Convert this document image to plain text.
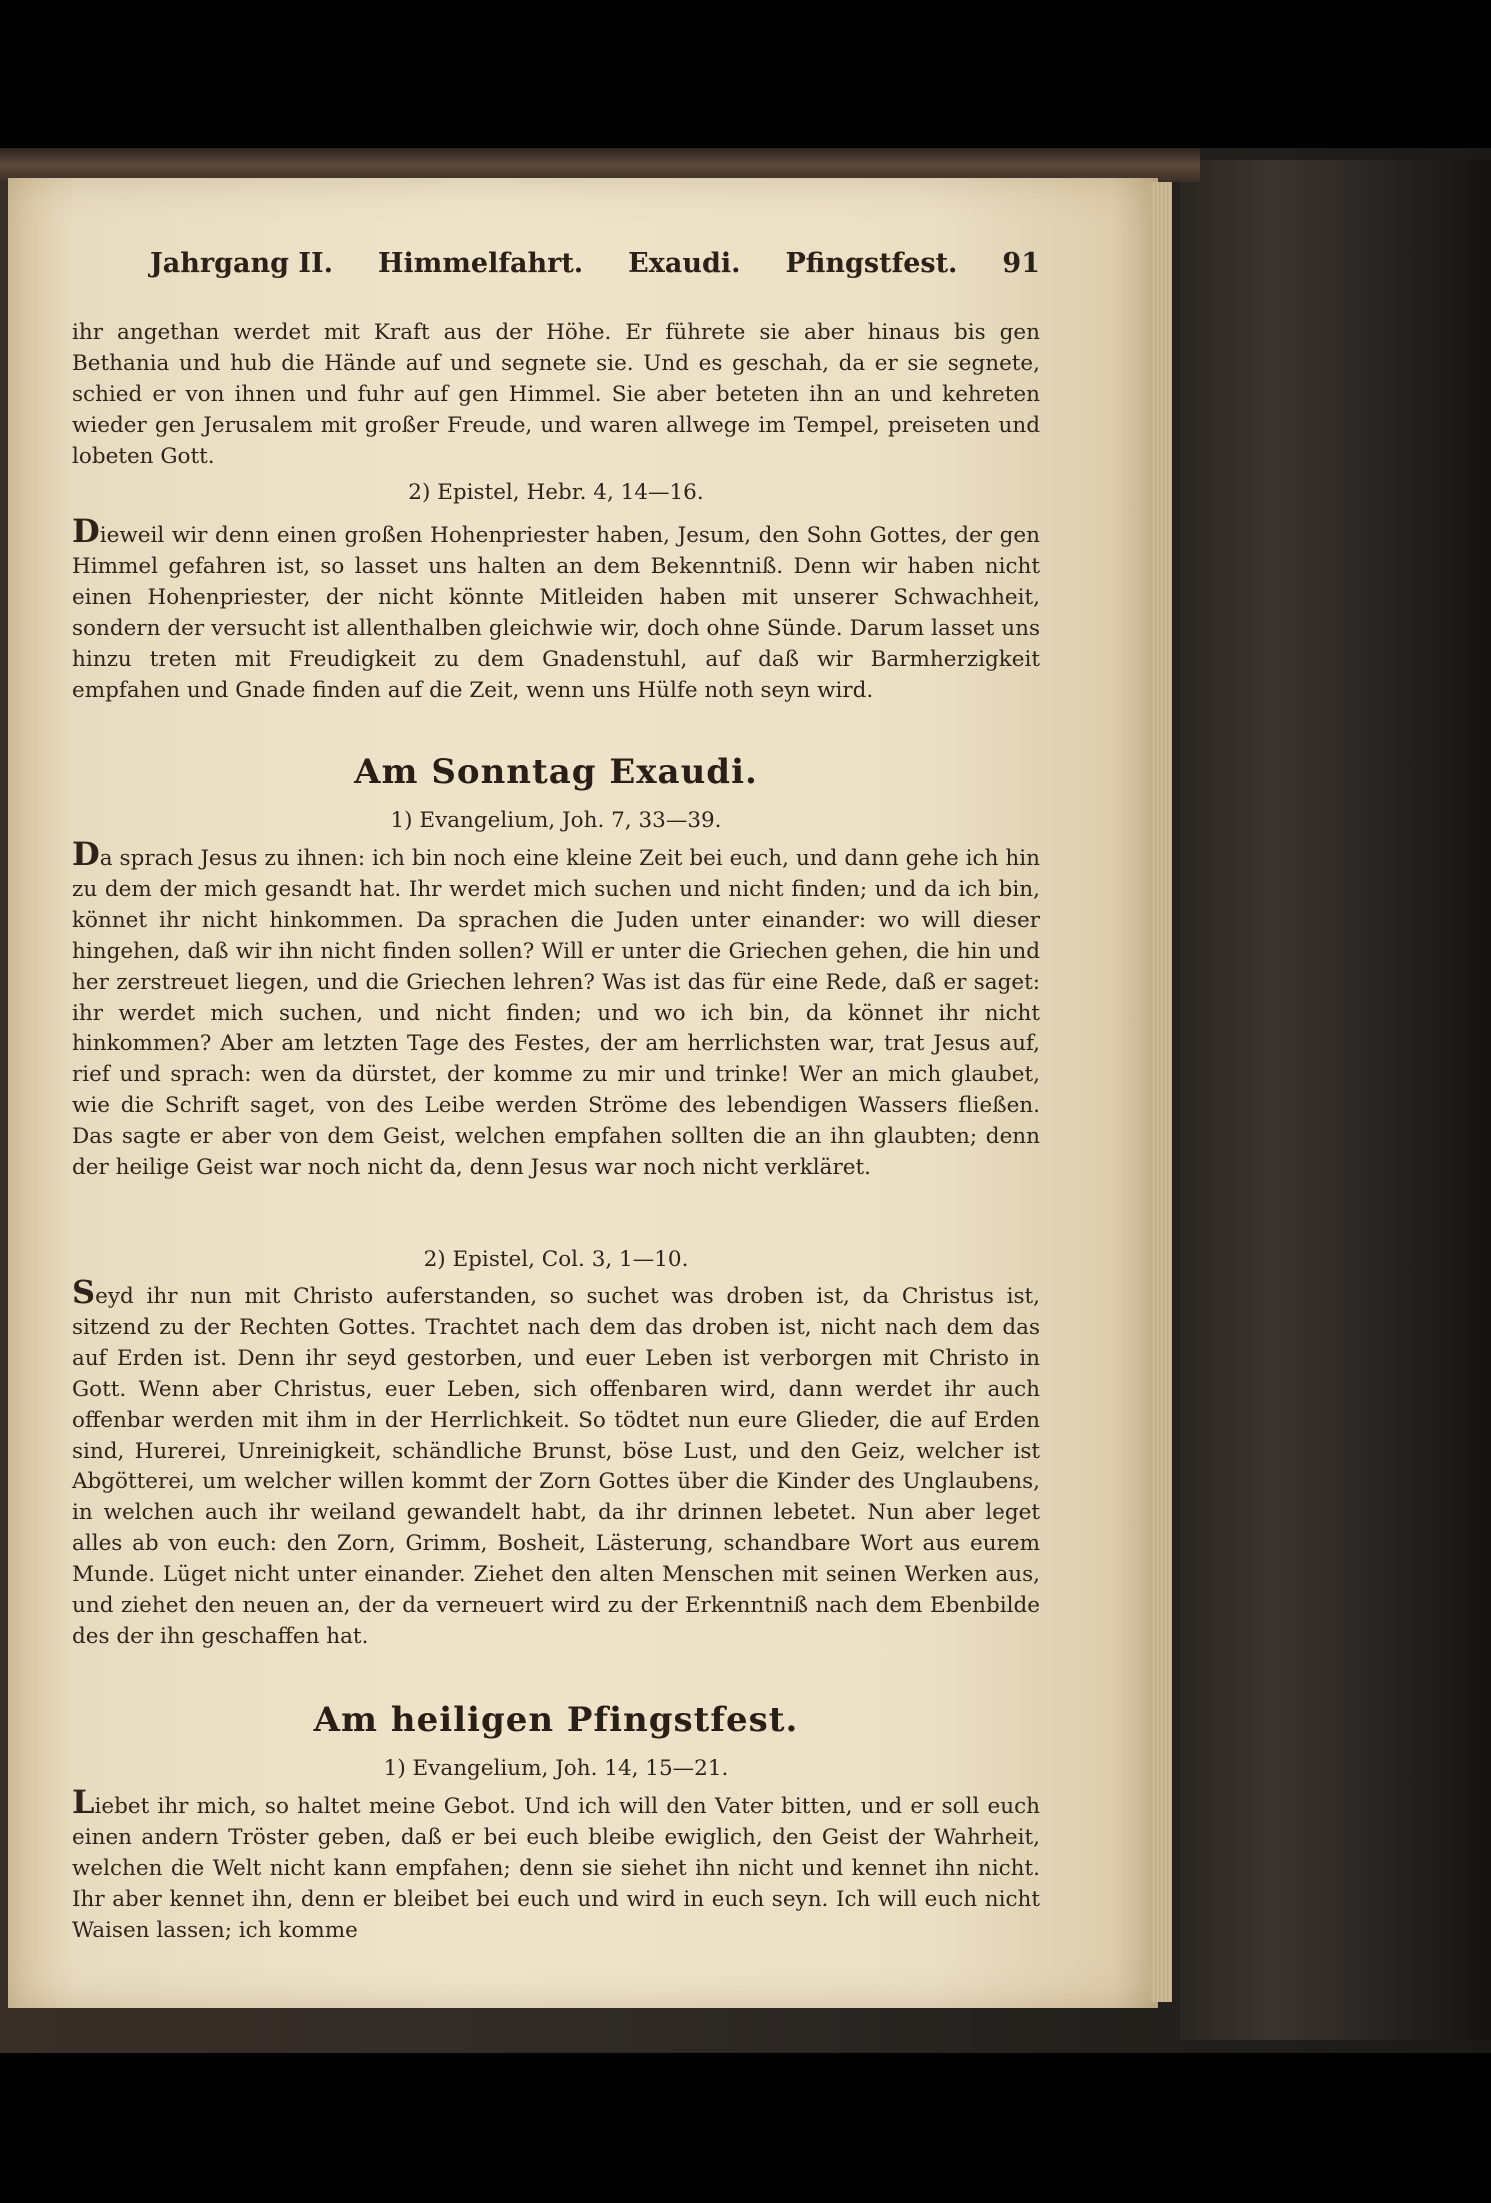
Jahrgang II. Himmelfahrt. Exaudi. Pfingstfest. 91

ihr angethan werdet mit Kraft aus der Höhe. Er führete sie aber hinaus bis gen Bethania und hub die Hände auf und segnete sie. Und es geschah, da er sie segnete, schied er von ihnen und fuhr auf gen Himmel. Sie aber beteten ihn an und kehreten wieder gen Jerusalem mit großer Freude, und waren allwege im Tempel, preiseten und lobeten Gott.

2) Epistel, Hebr. 4, 14—16.

Dieweil wir denn einen großen Hohenpriester haben, Jesum, den Sohn Gottes, der gen Himmel gefahren ist, so lasset uns halten an dem Bekenntniß. Denn wir haben nicht einen Hohenpriester, der nicht könnte Mitleiden haben mit unserer Schwachheit, sondern der versucht ist allenthalben gleichwie wir, doch ohne Sünde. Darum lasset uns hinzu treten mit Freudigkeit zu dem Gnadenstuhl, auf daß wir Barmherzigkeit empfahen und Gnade finden auf die Zeit, wenn uns Hülfe noth seyn wird.

Am Sonntag Exaudi.
1) Evangelium, Joh. 7, 33—39.

Da sprach Jesus zu ihnen: ich bin noch eine kleine Zeit bei euch, und dann gehe ich hin zu dem der mich gesandt hat. Ihr werdet mich suchen und nicht finden; und da ich bin, könnet ihr nicht hinkommen. Da sprachen die Juden unter einander: wo will dieser hingehen, daß wir ihn nicht finden sollen? Will er unter die Griechen gehen, die hin und her zerstreuet liegen, und die Griechen lehren? Was ist das für eine Rede, daß er saget: ihr werdet mich suchen, und nicht finden; und wo ich bin, da könnet ihr nicht hinkommen? Aber am letzten Tage des Festes, der am herrlichsten war, trat Jesus auf, rief und sprach: wen da dürstet, der komme zu mir und trinke! Wer an mich glaubet, wie die Schrift saget, von des Leibe werden Ströme des lebendigen Wassers fließen. Das sagte er aber von dem Geist, welchen empfahen sollten die an ihn glaubten; denn der heilige Geist war noch nicht da, denn Jesus war noch nicht verkläret.

2) Epistel, Col. 3, 1—10.

Seyd ihr nun mit Christo auferstanden, so suchet was droben ist, da Christus ist, sitzend zu der Rechten Gottes. Trachtet nach dem das droben ist, nicht nach dem das auf Erden ist. Denn ihr seyd gestorben, und euer Leben ist verborgen mit Christo in Gott. Wenn aber Christus, euer Leben, sich offenbaren wird, dann werdet ihr auch offenbar werden mit ihm in der Herrlichkeit. So tödtet nun eure Glieder, die auf Erden sind, Hurerei, Unreinigkeit, schändliche Brunst, böse Lust, und den Geiz, welcher ist Abgötterei, um welcher willen kommt der Zorn Gottes über die Kinder des Unglaubens, in welchen auch ihr weiland gewandelt habt, da ihr drinnen lebetet. Nun aber leget alles ab von euch: den Zorn, Grimm, Bosheit, Lästerung, schandbare Wort aus eurem Munde. Lüget nicht unter einander. Ziehet den alten Menschen mit seinen Werken aus, und ziehet den neuen an, der da verneuert wird zu der Erkenntniß nach dem Ebenbilde des der ihn geschaffen hat.

Am heiligen Pfingstfest.
1) Evangelium, Joh. 14, 15—21.

Liebet ihr mich, so haltet meine Gebot. Und ich will den Vater bitten, und er soll euch einen andern Tröster geben, daß er bei euch bleibe ewiglich, den Geist der Wahrheit, welchen die Welt nicht kann empfahen; denn sie siehet ihn nicht und kennet ihn nicht. Ihr aber kennet ihn, denn er bleibet bei euch und wird in euch seyn. Ich will euch nicht Waisen lassen; ich komme
